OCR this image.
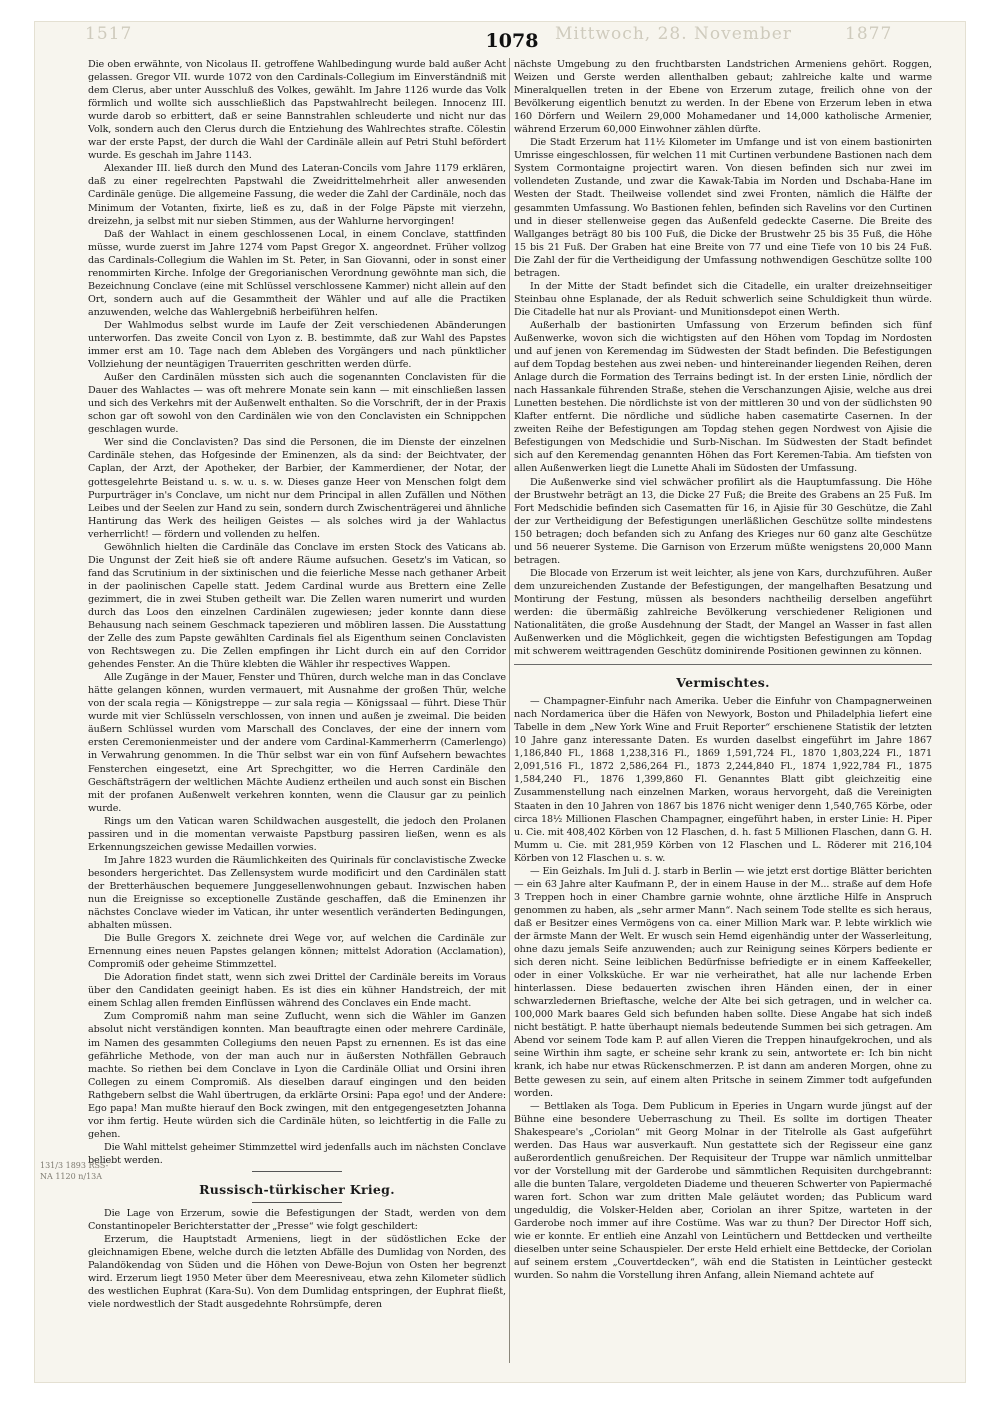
1517	Mittwoch, 28. November	1877
1078

Die oben erwähnte, von Nicolaus II. getroffene Wahlbedingung wurde bald außer Acht gelassen. Gregor VII. wurde 1072 von den Cardinals-Collegium im Einverständniß mit dem Clerus, aber unter Ausschluß des Volkes, gewählt. Im Jahre 1126 wurde das Volk förmlich und wollte sich ausschließlich das Papstwahlrecht beilegen. Innocenz III. wurde darob so erbittert, daß er seine Bannstrahlen schleuderte und nicht nur das Volk, sondern auch den Clerus durch die Entziehung des Wahlrechtes strafte. Cölestin war der erste Papst, der durch die Wahl der Cardinäle allein auf Petri Stuhl befördert wurde. Es geschah im Jahre 1143.

Alexander III. ließ durch den Mund des Lateran-Concils vom Jahre 1179 erklären, daß zu einer regelrechten Papstwahl die Zweidrittelmehrheit aller anwesenden Cardinäle genüge. Die allgemeine Fassung, die weder die Zahl der Cardinäle, noch das Minimum der Votanten, fixirte, ließ es zu, daß in der Folge Päpste mit vierzehn, dreizehn, ja selbst mit nur sieben Stimmen, aus der Wahlurne hervorgingen!

Daß der Wahlact in einem geschlossenen Local, in einem Conclave, stattfinden müsse, wurde zuerst im Jahre 1274 vom Papst Gregor X. angeordnet. Früher vollzog das Cardinals-Collegium die Wahlen im St. Peter, in San Giovanni, oder in sonst einer renommirten Kirche. Infolge der Gregorianischen Verordnung gewöhnte man sich, die Bezeichnung Conclave (eine mit Schlüssel verschlossene Kammer) nicht allein auf den Ort, sondern auch auf die Gesammtheit der Wähler und auf alle die Practiken anzuwenden, welche das Wahlergebniß herbeiführen helfen.

Der Wahlmodus selbst wurde im Laufe der Zeit verschiedenen Abänderungen unterworfen. Das zweite Concil von Lyon z. B. bestimmte, daß zur Wahl des Papstes immer erst am 10. Tage nach dem Ableben des Vorgängers und nach pünktlicher Vollziehung der neuntägigen Trauerriten geschritten werden dürfe.

Außer den Cardinälen müssten sich auch die sogenannten Conclavisten für die Dauer des Wahlactes — was oft mehrere Monate sein kann — mit einschließen lassen und sich des Verkehrs mit der Außenwelt enthalten. So die Vorschrift, der in der Praxis schon gar oft sowohl von den Cardinälen wie von den Conclavisten ein Schnippchen geschlagen wurde.

Wer sind die Conclavisten? Das sind die Personen, die im Dienste der einzelnen Cardinäle stehen, das Hofgesinde der Eminenzen, als da sind: der Beichtvater, der Caplan, der Arzt, der Apotheker, der Barbier, der Kammerdiener, der Notar, der gottesgelehrte Beistand u. s. w. u. s. w. Dieses ganze Heer von Menschen folgt dem Purpurträger in's Conclave, um nicht nur dem Principal in allen Zufällen und Nöthen Leibes und der Seelen zur Hand zu sein, sondern durch Zwischenträgerei und ähnliche Hantirung das Werk des heiligen Geistes — als solches wird ja der Wahlactus verherrlicht! — fördern und vollenden zu helfen.

Gewöhnlich hielten die Cardinäle das Conclave im ersten Stock des Vaticans ab. Die Ungunst der Zeit hieß sie oft andere Räume aufsuchen. Gesetz's im Vatican, so fand das Scrutinium in der sixtinischen und die feierliche Messe nach gethaner Arbeit in der paolinischen Capelle statt. Jedem Cardinal wurde aus Brettern eine Zelle gezimmert, die in zwei Stuben getheilt war. Die Zellen waren numerirt und wurden durch das Loos den einzelnen Cardinälen zugewiesen; jeder konnte dann diese Behausung nach seinem Geschmack tapezieren und möbliren lassen. Die Ausstattung der Zelle des zum Papste gewählten Cardinals fiel als Eigenthum seinen Conclavisten von Rechtswegen zu. Die Zellen empfingen ihr Licht durch ein auf den Corridor gehendes Fenster. An die Thüre klebten die Wähler ihr respectives Wappen.

Alle Zugänge in der Mauer, Fenster und Thüren, durch welche man in das Conclave hätte gelangen können, wurden vermauert, mit Ausnahme der großen Thür, welche von der scala regia — Königstreppe — zur sala regia — Königssaal — führt. Diese Thür wurde mit vier Schlüsseln verschlossen, von innen und außen je zweimal. Die beiden äußern Schlüssel wurden vom Marschall des Conclaves, der eine der innern vom ersten Ceremonienmeister und der andere vom Cardinal-Kammerherrn (Camerlengo) in Verwahrung genommen. In die Thür selbst war ein von fünf Aufsehern bewachtes Fensterchen eingesetzt, eine Art Sprechgitter, wo die Herren Cardinäle den Geschäftsträgern der weltlichen Mächte Audienz ertheilen und auch sonst ein Bischen mit der profanen Außenwelt verkehren konnten, wenn die Clausur gar zu peinlich wurde.

Rings um den Vatican waren Schildwachen ausgestellt, die jedoch den Prolanen passiren und in die momentan verwaiste Papstburg passiren ließen, wenn es als Erkennungszeichen gewisse Medaillen vorwies.

Im Jahre 1823 wurden die Räumlichkeiten des Quirinals für conclavistische Zwecke besonders hergerichtet. Das Zellensystem wurde modificirt und den Cardinälen statt der Bretterhäuschen bequemere Junggesellenwohnungen gebaut. Inzwischen haben nun die Ereignisse so exceptionelle Zustände geschaffen, daß die Eminenzen ihr nächstes Conclave wieder im Vatican, ihr unter wesentlich veränderten Bedingungen, abhalten müssen.

Die Bulle Gregors X. zeichnete drei Wege vor, auf welchen die Cardinäle zur Ernennung eines neuen Papstes gelangen können; mittelst Adoration (Acclamation), Compromiß oder geheime Stimmzettel.

Die Adoration findet statt, wenn sich zwei Drittel der Cardinäle bereits im Voraus über den Candidaten geeinigt haben. Es ist dies ein kühner Handstreich, der mit einem Schlag allen fremden Einflüssen während des Conclaves ein Ende macht.

Zum Compromiß nahm man seine Zuflucht, wenn sich die Wähler im Ganzen absolut nicht verständigen konnten. Man beauftragte einen oder mehrere Cardinäle, im Namen des gesammten Collegiums den neuen Papst zu ernennen. Es ist das eine gefährliche Methode, von der man auch nur in äußersten Nothfällen Gebrauch machte. So riethen bei dem Conclave in Lyon die Cardinäle Olliat und Orsini ihren Collegen zu einem Compromiß. Als dieselben darauf eingingen und den beiden Rathgebern selbst die Wahl übertrugen, da erklärte Orsini: Papa ego! und der Andere: Ego papa! Man mußte hierauf den Bock zwingen, mit den entgegengesetzten Johanna vor ihm fertig. Heute würden sich die Cardinäle hüten, so leichtfertig in die Falle zu gehen.

Die Wahl mittelst geheimer Stimmzettel wird jedenfalls auch im nächsten Conclave beliebt werden.

Russisch-türkischer Krieg.

Die Lage von Erzerum, sowie die Befestigungen der Stadt, werden von dem Constantinopeler Berichterstatter der „Presse“ wie folgt geschildert:

Erzerum, die Hauptstadt Armeniens, liegt in der südöstlichen Ecke der gleichnamigen Ebene, welche durch die letzten Abfälle des Dumlidag von Norden, des Palandökendag von Süden und die Höhen von Dewe-Bojun von Osten her begrenzt wird. Erzerum liegt 1950 Meter über dem Meeresniveau, etwa zehn Kilometer südlich des westlichen Euphrat (Kara-Su). Von dem Dumlidag entspringen, der Euphrat fließt, viele nordwestlich der Stadt ausgedehnte Rohrsümpfe, deren

nächste Umgebung zu den fruchtbarsten Landstrichen Armeniens gehört. Roggen, Weizen und Gerste werden allenthalben gebaut; zahlreiche kalte und warme Mineralquellen treten in der Ebene von Erzerum zutage, freilich ohne von der Bevölkerung eigentlich benutzt zu werden. In der Ebene von Erzerum leben in etwa 160 Dörfern und Weilern 29,000 Mohamedaner und 14,000 katholische Armenier, während Erzerum 60,000 Einwohner zählen dürfte.

Die Stadt Erzerum hat 11½ Kilometer im Umfange und ist von einem bastionirten Umrisse eingeschlossen, für welchen 11 mit Curtinen verbundene Bastionen nach dem System Cormontaigne projectirt waren. Von diesen befinden sich nur zwei im vollendeten Zustande, und zwar die Kawak-Tabia im Norden und Dschaba-Hane im Westen der Stadt. Theilweise vollendet sind zwei Fronten, nämlich die Hälfte der gesammten Umfassung. Wo Bastionen fehlen, befinden sich Ravelins vor den Curtinen und in dieser stellenweise gegen das Außenfeld gedeckte Caserne. Die Breite des Wallganges beträgt 80 bis 100 Fuß, die Dicke der Brustwehr 25 bis 35 Fuß, die Höhe 15 bis 21 Fuß. Der Graben hat eine Breite von 77 und eine Tiefe von 10 bis 24 Fuß. Die Zahl der für die Vertheidigung der Umfassung nothwendigen Geschütze sollte 100 betragen.

In der Mitte der Stadt befindet sich die Citadelle, ein uralter dreizehnseitiger Steinbau ohne Esplanade, der als Reduit schwerlich seine Schuldigkeit thun würde. Die Citadelle hat nur als Proviant- und Munitionsdepot einen Werth.

Außerhalb der bastionirten Umfassung von Erzerum befinden sich fünf Außenwerke, wovon sich die wichtigsten auf den Höhen vom Topdag im Nordosten und auf jenen von Keremendag im Südwesten der Stadt befinden. Die Befestigungen auf dem Topdag bestehen aus zwei neben- und hintereinander liegenden Reihen, deren Anlage durch die Formation des Terrains bedingt ist. In der ersten Linie, nördlich der nach Hassankale führenden Straße, stehen die Verschanzungen Ajisie, welche aus drei Lunetten bestehen. Die nördlichste ist von der mittleren 30 und von der südlichsten 90 Klafter entfernt. Die nördliche und südliche haben casematirte Casernen. In der zweiten Reihe der Befestigungen am Topdag stehen gegen Nordwest von Ajisie die Befestigungen von Medschidie und Surb-Nischan. Im Südwesten der Stadt befindet sich auf den Keremendag genannten Höhen das Fort Keremen-Tabia. Am tiefsten von allen Außenwerken liegt die Lunette Ahali im Südosten der Umfassung.

Die Außenwerke sind viel schwächer profilirt als die Hauptumfassung. Die Höhe der Brustwehr beträgt an 13, die Dicke 27 Fuß; die Breite des Grabens an 25 Fuß. Im Fort Medschidie befinden sich Casematten für 16, in Ajisie für 30 Geschütze, die Zahl der zur Vertheidigung der Befestigungen unerläßlichen Geschütze sollte mindestens 150 betragen; doch befanden sich zu Anfang des Krieges nur 60 ganz alte Geschütze und 56 neuerer Systeme. Die Garnison von Erzerum müßte wenigstens 20,000 Mann betragen.

Die Blocade von Erzerum ist weit leichter, als jene von Kars, durchzuführen. Außer dem unzureichenden Zustande der Befestigungen, der mangelhaften Besatzung und Montirung der Festung, müssen als besonders nachtheilig derselben angeführt werden: die übermäßig zahlreiche Bevölkerung verschiedener Religionen und Nationalitäten, die große Ausdehnung der Stadt, der Mangel an Wasser in fast allen Außenwerken und die Möglichkeit, gegen die wichtigsten Befestigungen am Topdag mit schwerem weittragenden Geschütz dominirende Positionen gewinnen zu können.

Vermischtes.

— Champagner-Einfuhr nach Amerika. Ueber die Einfuhr von Champagnerweinen nach Nordamerica über die Häfen von Newyork, Boston und Philadelphia liefert eine Tabelle in dem „New York Wine and Fruit Reporter“ erschienene Statistik der letzten 10 Jahre ganz interessante Daten. Es wurden daselbst eingeführt im Jahre 1867 1,186,840 Fl., 1868 1,238,316 Fl., 1869 1,591,724 Fl., 1870 1,803,224 Fl., 1871 2,091,516 Fl., 1872 2,586,264 Fl., 1873 2,244,840 Fl., 1874 1,922,784 Fl., 1875 1,584,240 Fl., 1876 1,399,860 Fl. Genanntes Blatt gibt gleichzeitig eine Zusammenstellung nach einzelnen Marken, woraus hervorgeht, daß die Vereinigten Staaten in den 10 Jahren von 1867 bis 1876 nicht weniger denn 1,540,765 Körbe, oder circa 18½ Millionen Flaschen Champagner, eingeführt haben, in erster Linie: H. Piper u. Cie. mit 408,402 Körben von 12 Flaschen, d. h. fast 5 Millionen Flaschen, dann G. H. Mumm u. Cie. mit 281,959 Körben von 12 Flaschen und L. Röderer mit 216,104 Körben von 12 Flaschen u. s. w.

— Ein Geizhals. Im Juli d. J. starb in Berlin — wie jetzt erst dortige Blätter berichten — ein 63 Jahre alter Kaufmann P., der in einem Hause in der M... straße auf dem Hofe 3 Treppen hoch in einer Chambre garnie wohnte, ohne ärztliche Hilfe in Anspruch genommen zu haben, als „sehr armer Mann“. Nach seinem Tode stellte es sich heraus, daß er Besitzer eines Vermögens von ca. einer Million Mark war. P. lebte wirklich wie der ärmste Mann der Welt. Er wusch sein Hemd eigenhändig unter der Wasserleitung, ohne dazu jemals Seife anzuwenden; auch zur Reinigung seines Körpers bediente er sich deren nicht. Seine leiblichen Bedürfnisse befriedigte er in einem Kaffeekeller, oder in einer Volksküche. Er war nie verheirathet, hat alle nur lachende Erben hinterlassen. Diese bedauerten zwischen ihren Händen einen, der in einer schwarzledernen Brieftasche, welche der Alte bei sich getragen, und in welcher ca. 100,000 Mark baares Geld sich befunden haben sollte. Diese Angabe hat sich indeß nicht bestätigt. P. hatte überhaupt niemals bedeutende Summen bei sich getragen. Am Abend vor seinem Tode kam P. auf allen Vieren die Treppen hinaufgekrochen, und als seine Wirthin ihm sagte, er scheine sehr krank zu sein, antwortete er: Ich bin nicht krank, ich habe nur etwas Rückenschmerzen. P. ist dann am anderen Morgen, ohne zu Bette gewesen zu sein, auf einem alten Pritsche in seinem Zimmer todt aufgefunden worden.

— Bettlaken als Toga. Dem Publicum in Eperies in Ungarn wurde jüngst auf der Bühne eine besondere Ueberraschung zu Theil. Es sollte im dortigen Theater Shakespeare's „Coriolan“ mit Georg Molnar in der Titelrolle als Gast aufgeführt werden. Das Haus war ausverkauft. Nun gestattete sich der Regisseur eine ganz außerordentlich genußreichen. Der Requisiteur der Truppe war nämlich unmittelbar vor der Vorstellung mit der Garderobe und sämmtlichen Requisiten durchgebrannt: alle die bunten Talare, vergoldeten Diademe und theueren Schwerter von Papiermaché waren fort. Schon war zum dritten Male geläutet worden; das Publicum ward ungeduldig, die Volsker-Helden aber, Coriolan an ihrer Spitze, warteten in der Garderobe noch immer auf ihre Costüme. Was war zu thun? Der Director Hoff sich, wie er konnte. Er entlieh eine Anzahl von Leintüchern und Bettdecken und vertheilte dieselben unter seine Schauspieler. Der erste Held erhielt eine Bettdecke, der Coriolan auf seinem erstem „Couvertdecken“, wäh end die Statisten in Leintücher gesteckt wurden. So nahm die Vorstellung ihren Anfang, allein Niemand achtete auf

131/3 1893 RSS-NA 1120 n/13A
